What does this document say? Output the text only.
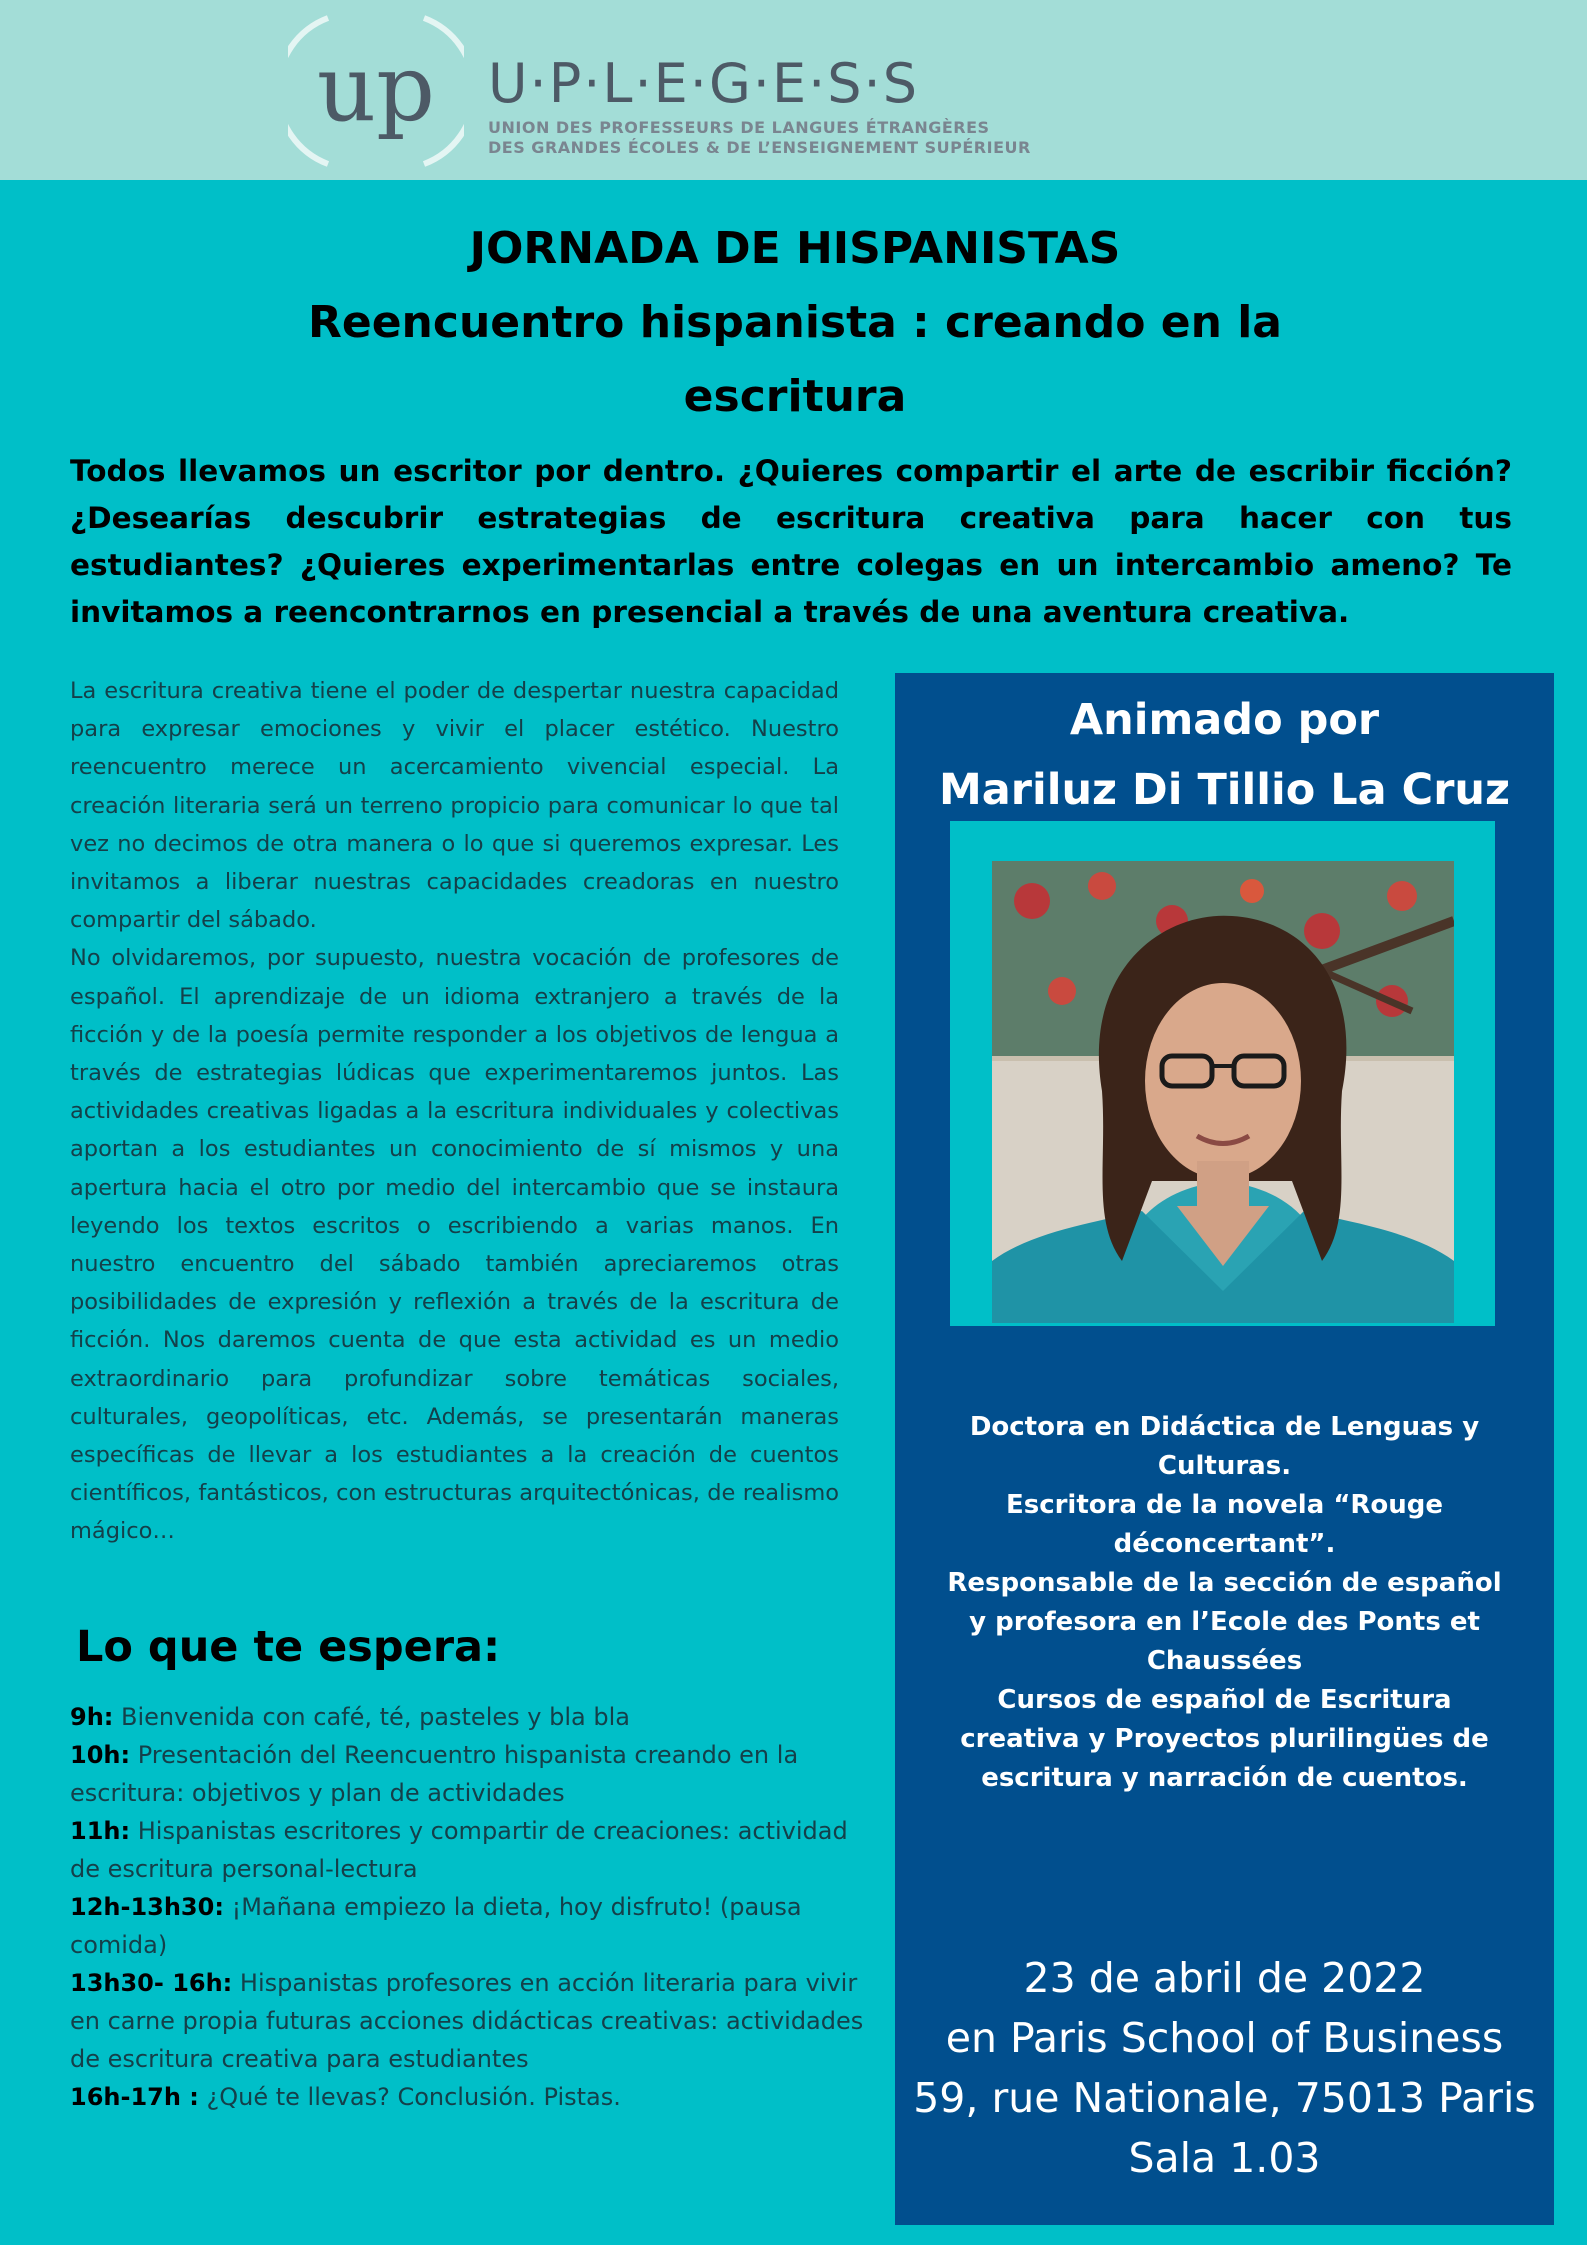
up U·P·L·E·G·E·S·S
UNION DES PROFESSEURS DE LANGUES ÉTRANGÈRES
DES GRANDES ÉCOLES & DE L’ENSEIGNEMENT SUPÉRIEUR
JORNADA DE HISPANISTAS
Reencuentro hispanista : creando en la escritura
Todos llevamos un escritor por dentro. ¿Quieres compartir el arte de escribir ficción? ¿Desearías descubrir estrategias de escritura creativa para hacer con tus estudiantes? ¿Quieres experimentarlas entre colegas en un intercambio ameno? Te invitamos a reencontrarnos en presencial a través de una aventura creativa.

La escritura creativa tiene el poder de despertar nuestra capacidad para expresar emociones y vivir el placer estético. Nuestro reencuentro merece un acercamiento vivencial especial. La creación literaria será un terreno propicio para comunicar lo que tal vez no decimos de otra manera o lo que si queremos expresar. Les invitamos a liberar nuestras capacidades creadoras en nuestro compartir del sábado.

No olvidaremos, por supuesto, nuestra vocación de profesores de español. El aprendizaje de un idioma extranjero a través de la ficción y de la poesía permite responder a los objetivos de lengua a través de estrategias lúdicas que experimentaremos juntos. Las actividades creativas ligadas a la escritura individuales y colectivas aportan a los estudiantes un conocimiento de sí mismos y una apertura hacia el otro por medio del intercambio que se instaura leyendo los textos escritos o escribiendo a varias manos. En nuestro encuentro del sábado también apreciaremos otras posibilidades de expresión y reflexión a través de la escritura de ficción. Nos daremos cuenta de que esta actividad es un medio extraordinario para profundizar sobre temáticas sociales, culturales, geopolíticas, etc. Además, se presentarán maneras específicas de llevar a los estudiantes a la creación de cuentos científicos, fantásticos, con estructuras arquitectónicas, de realismo mágico…

Lo que te espera:
9h: Bienvenida con café, té, pasteles y bla bla
10h: Presentación del Reencuentro hispanista creando en la escritura: objetivos y plan de actividades
11h: Hispanistas escritores y compartir de creaciones: actividad de escritura personal-lectura
12h-13h30: ¡Mañana empiezo la dieta, hoy disfruto! (pausa comida)
13h30- 16h: Hispanistas profesores en acción literaria para vivir en carne propia futuras acciones didácticas creativas: actividades de escritura creativa para estudiantes
16h-17h : ¿Qué te llevas? Conclusión. Pistas.
Animado por
Mariluz Di Tillio La Cruz
Doctora en Didáctica de Lenguas y Culturas.
Escritora de la novela “Rouge déconcertant”.
Responsable de la sección de español y profesora en l’Ecole des Ponts et Chaussées
Cursos de español de Escritura creativa y Proyectos plurilingües de escritura y narración de cuentos.
23 de abril de 2022
en Paris School of Business
59, rue Nationale, 75013 Paris
Sala 1.03
